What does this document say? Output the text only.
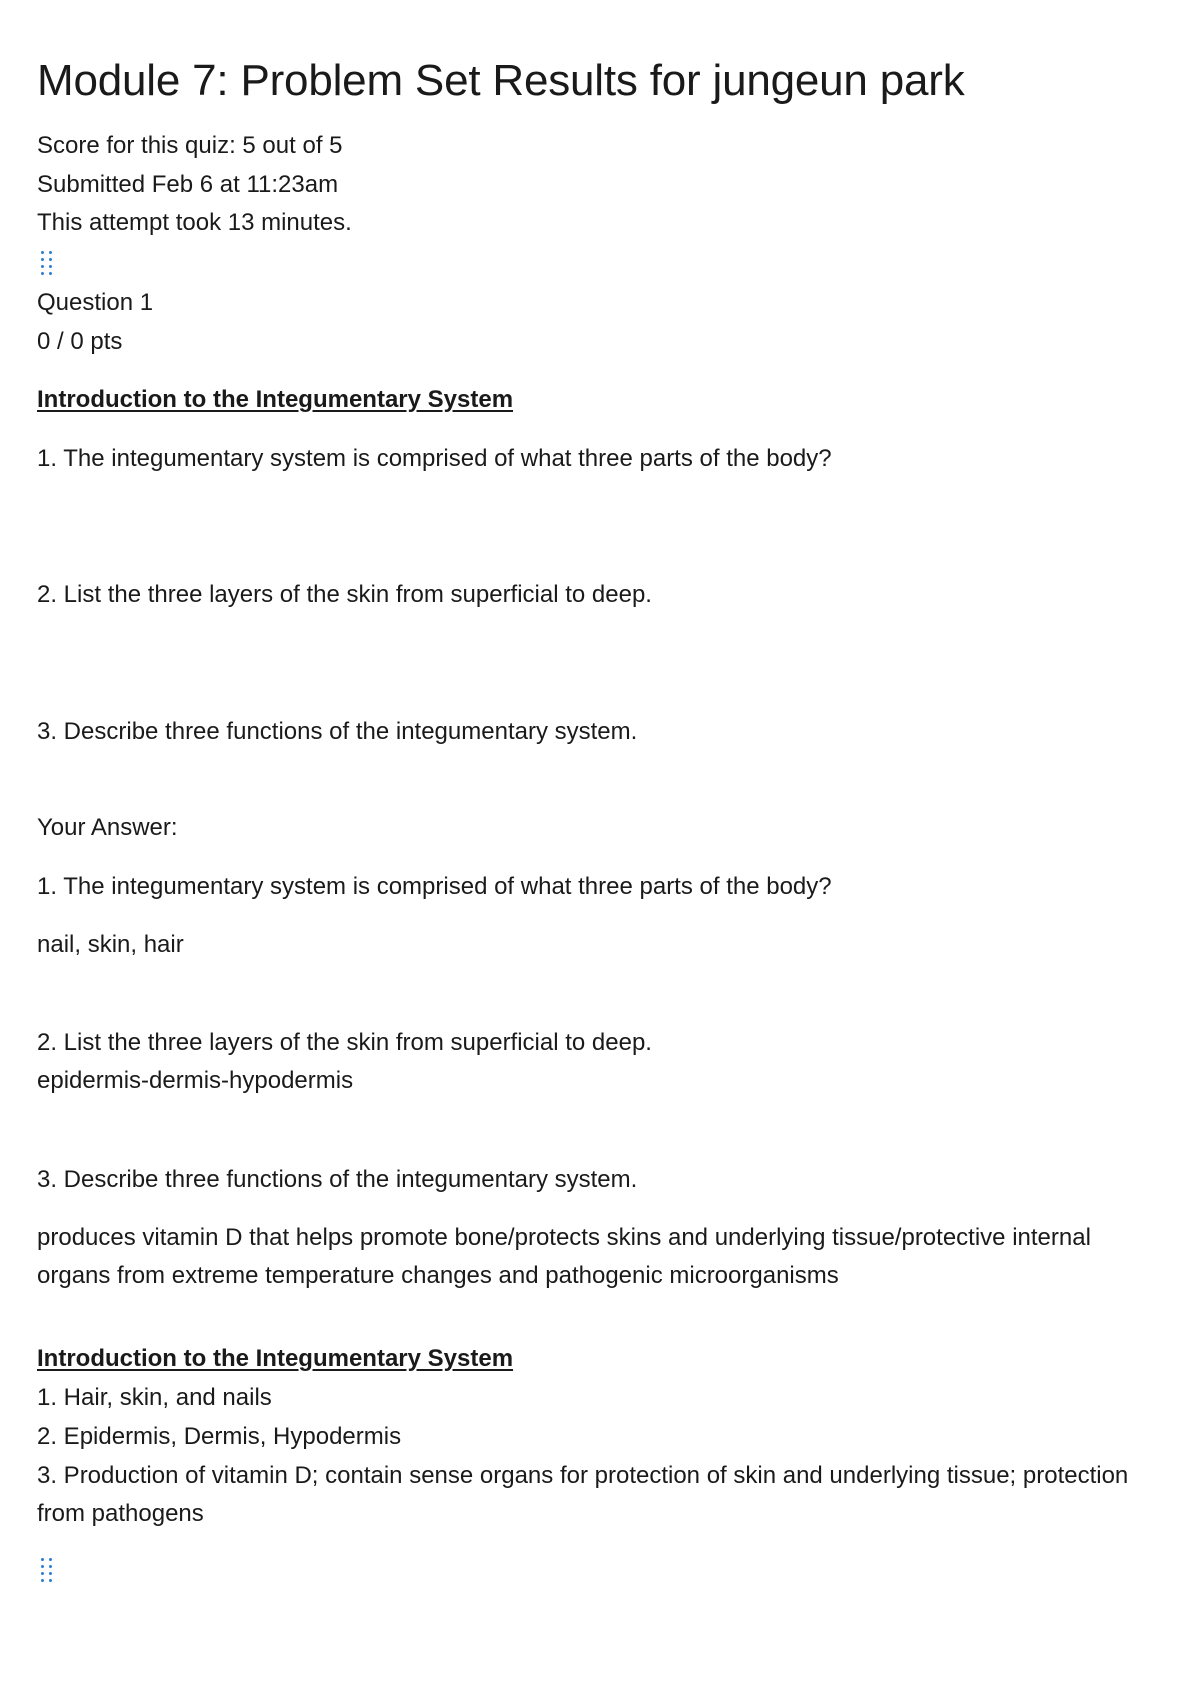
Module 7: Problem Set Results for jungeun park
Score for this quiz: 5 out of 5
Submitted Feb 6 at 11:23am
This attempt took 13 minutes.
Question 1
0 / 0 pts
Introduction to the Integumentary System
1. The integumentary system is comprised of what three parts of the body?
2. List the three layers of the skin from superficial to deep.
3. Describe three functions of the integumentary system.
Your Answer:
1. The integumentary system is comprised of what three parts of the body?
nail, skin, hair
2. List the three layers of the skin from superficial to deep.
epidermis-dermis-hypodermis
3. Describe three functions of the integumentary system.
produces vitamin D that helps promote bone/protects skins and underlying tissue/protective internal organs from extreme temperature changes and pathogenic microorganisms
Introduction to the Integumentary System
1. Hair, skin, and nails
2. Epidermis, Dermis, Hypodermis
3. Production of vitamin D; contain sense organs for protection of skin and underlying tissue; protection from pathogens
